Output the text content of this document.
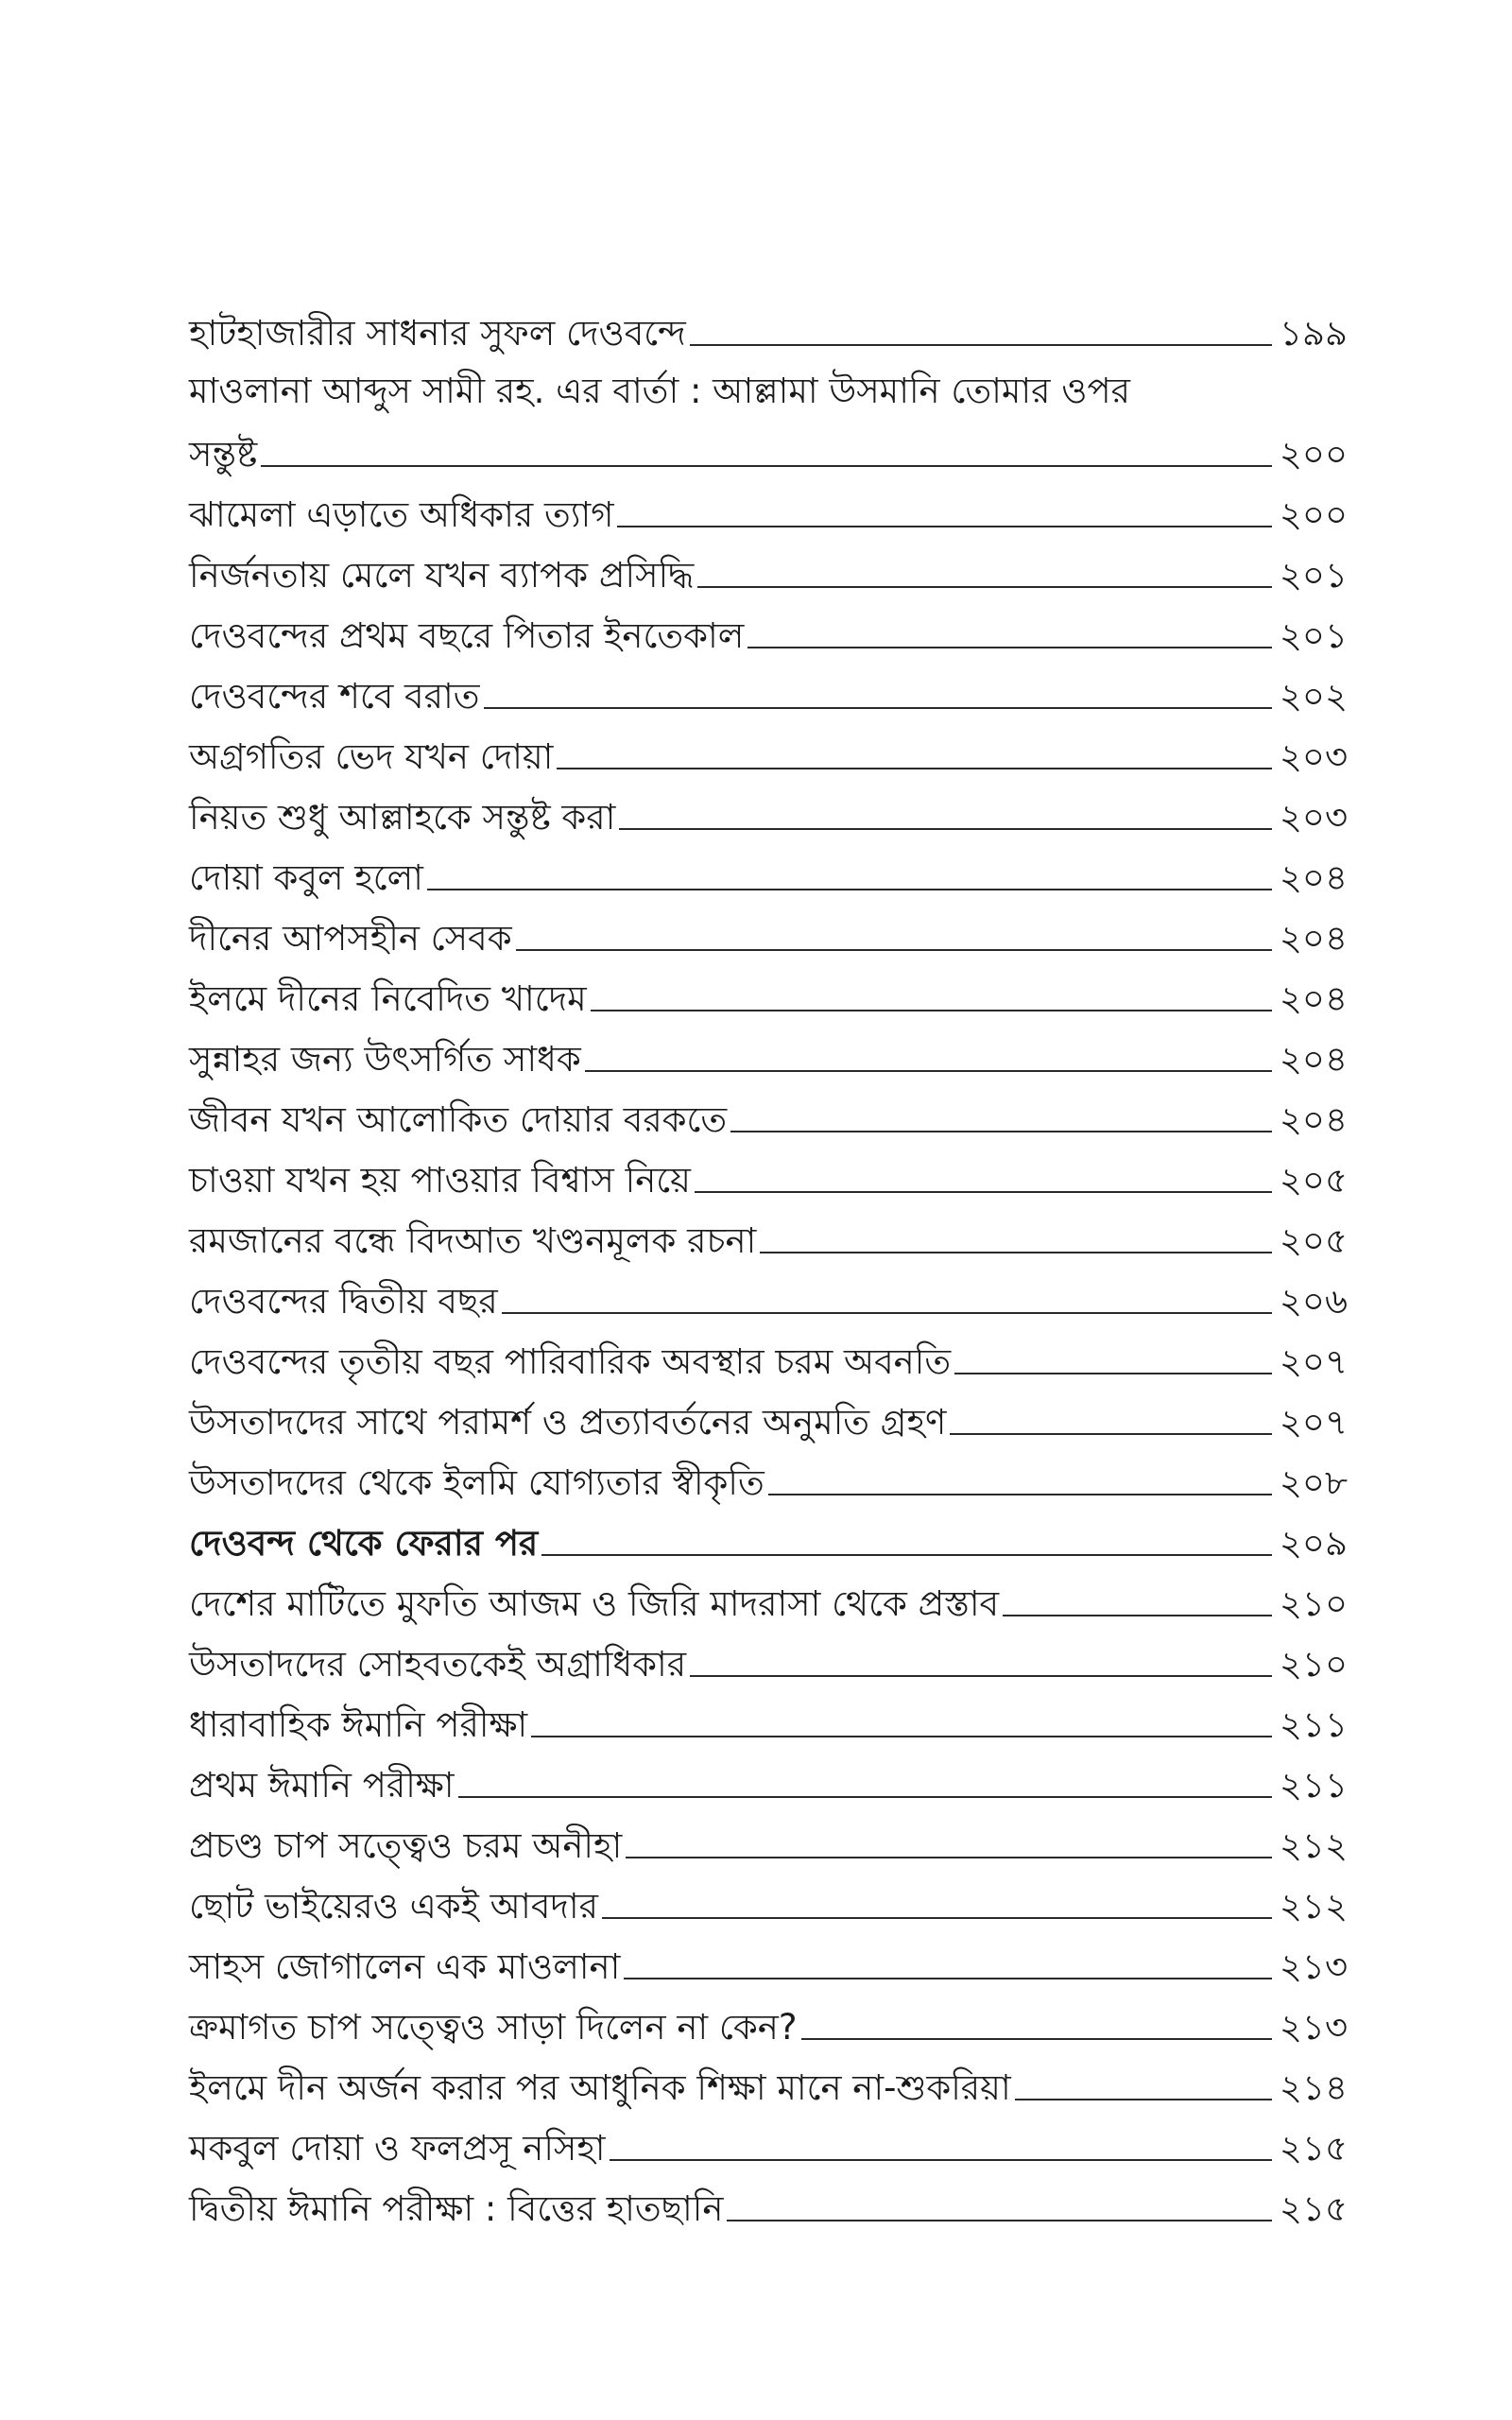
হাটহাজারীর সাধনার সুফল দেওবন্দে	১৯৯
মাওলানা আব্দুস সামী রহ. এর বার্তা : আল্লামা উসমানি তোমার ওপর
সন্তুষ্ট	২০০
ঝামেলা এড়াতে অধিকার ত্যাগ	২০০
নির্জনতায় মেলে যখন ব্যাপক প্রসিদ্ধি	২০১
দেওবন্দের প্রথম বছরে পিতার ইনতেকাল	২০১
দেওবন্দের শবে বরাত	২০২
অগ্রগতির ভেদ যখন দোয়া	২০৩
নিয়ত শুধু আল্লাহকে সন্তুষ্ট করা	২০৩
দোয়া কবুল হলো	২০৪
দীনের আপসহীন সেবক	২০৪
ইলমে দীনের নিবেদিত খাদেম	২০৪
সুন্নাহর জন্য উৎসর্গিত সাধক	২০৪
জীবন যখন আলোকিত দোয়ার বরকতে	২০৪
চাওয়া যখন হয় পাওয়ার বিশ্বাস নিয়ে	২০৫
রমজানের বন্ধে বিদআত খণ্ডনমূলক রচনা	২০৫
দেওবন্দের দ্বিতীয় বছর	২০৬
দেওবন্দের তৃতীয় বছর পারিবারিক অবস্থার চরম অবনতি	২০৭
উসতাদদের সাথে পরামর্শ ও প্রত্যাবর্তনের অনুমতি গ্রহণ	২০৭
উসতাদদের থেকে ইলমি যোগ্যতার স্বীকৃতি	২০৮
দেওবন্দ থেকে ফেরার পর	২০৯
দেশের মাটিতে মুফতি আজম ও জিরি মাদরাসা থেকে প্রস্তাব	২১০
উসতাদদের সোহবতকেই অগ্রাধিকার	২১০
ধারাবাহিক ঈমানি পরীক্ষা	২১১
প্রথম ঈমানি পরীক্ষা	২১১
প্রচণ্ড চাপ সত্ত্বেও চরম অনীহা	২১২
ছোট ভাইয়েরও একই আবদার	২১২
সাহস জোগালেন এক মাওলানা	২১৩
ক্রমাগত চাপ সত্ত্বেও সাড়া দিলেন না কেন?	২১৩
ইলমে দীন অর্জন করার পর আধুনিক শিক্ষা মানে না-শুকরিয়া	২১৪
মকবুল দোয়া ও ফলপ্রসূ নসিহা	২১৫
দ্বিতীয় ঈমানি পরীক্ষা : বিত্তের হাতছানি	২১৫
